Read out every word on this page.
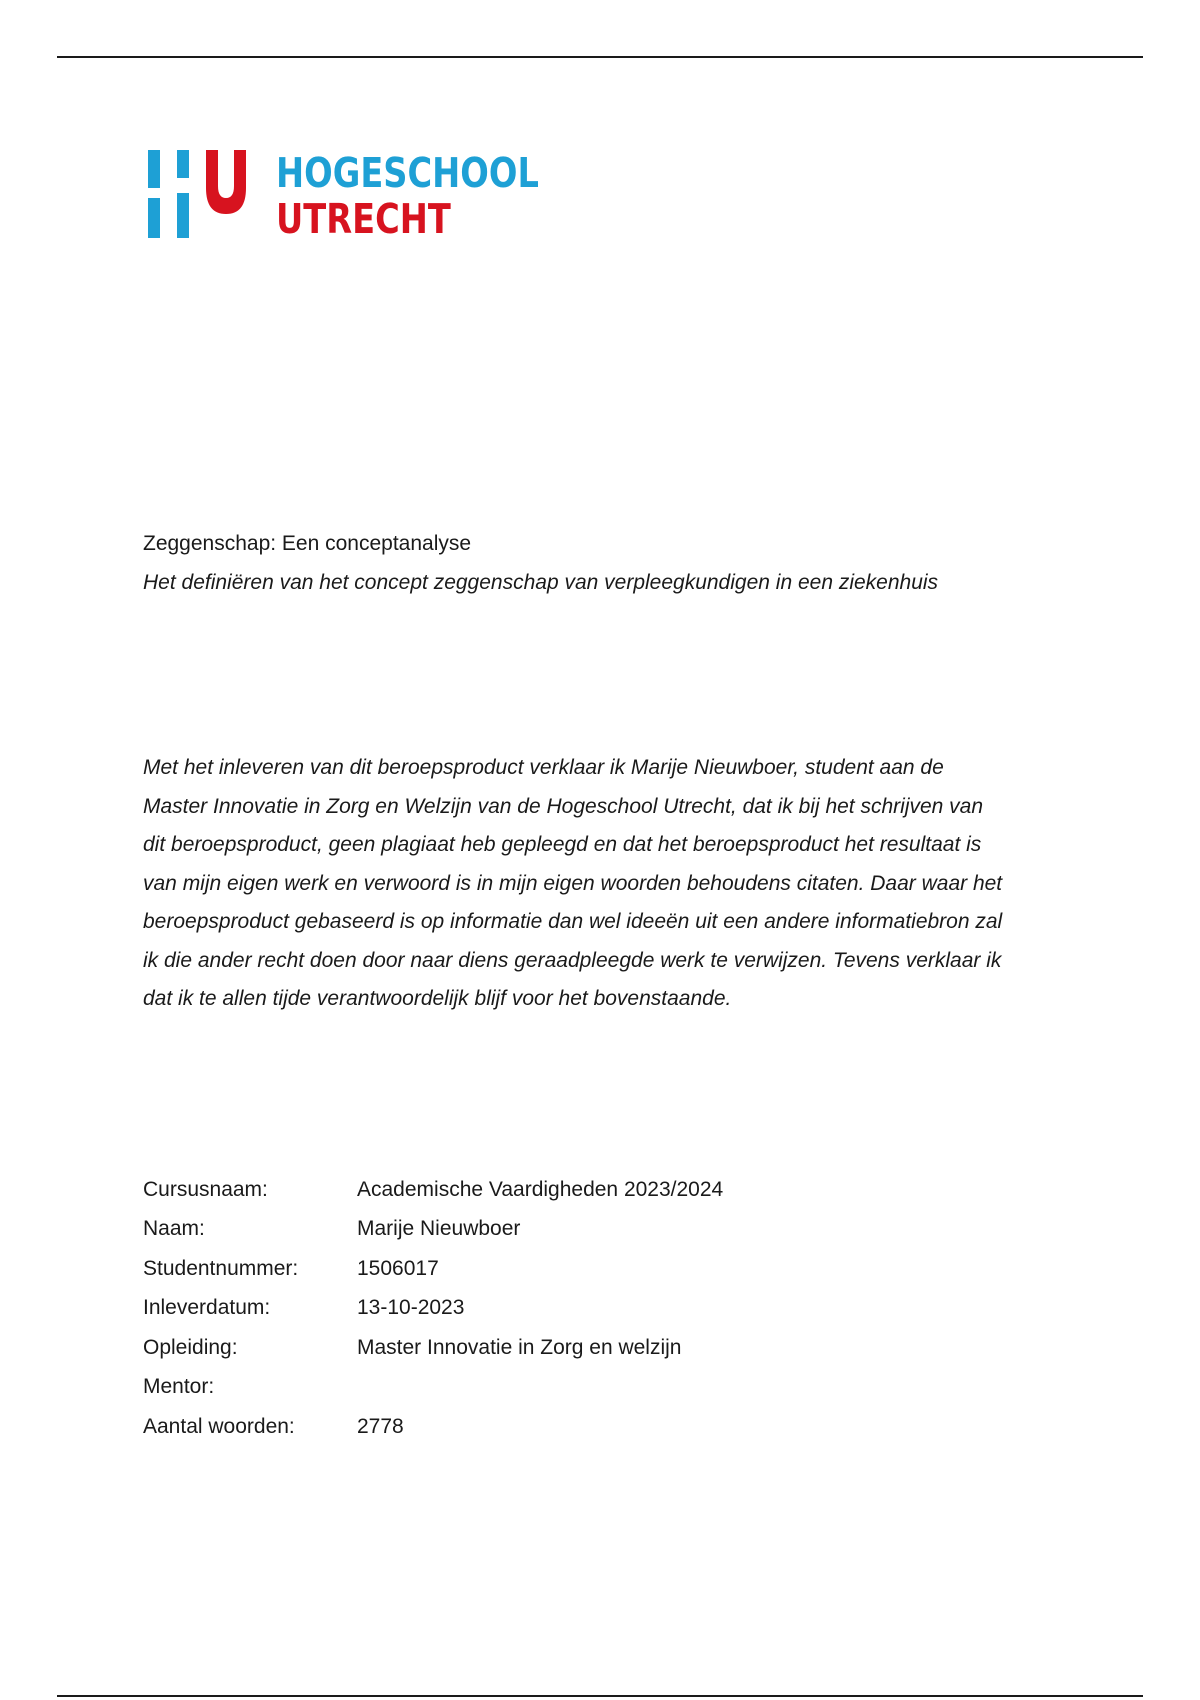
HOGESCHOOL
UTRECHT
Zeggenschap: Een conceptanalyse
Het definiëren van het concept zeggenschap van verpleegkundigen in een ziekenhuis

Met het inleveren van dit beroepsproduct verklaar ik Marije Nieuwboer, student aan de Master Innovatie in Zorg en Welzijn van de Hogeschool Utrecht, dat ik bij het schrijven van dit beroepsproduct, geen plagiaat heb gepleegd en dat het beroepsproduct het resultaat is van mijn eigen werk en verwoord is in mijn eigen woorden behoudens citaten. Daar waar het beroepsproduct gebaseerd is op informatie dan wel ideeën uit een andere informatiebron zal ik die ander recht doen door naar diens geraadpleegde werk te verwijzen. Tevens verklaar ik dat ik te allen tijde verantwoordelijk blijf voor het bovenstaande.

Cursusnaam:	Academische Vaardigheden 2023/2024
Naam:	Marije Nieuwboer
Studentnummer:	1506017
Inleverdatum:	13-10-2023
Opleiding:	Master Innovatie in Zorg en welzijn
Mentor:	
Aantal woorden:	2778
